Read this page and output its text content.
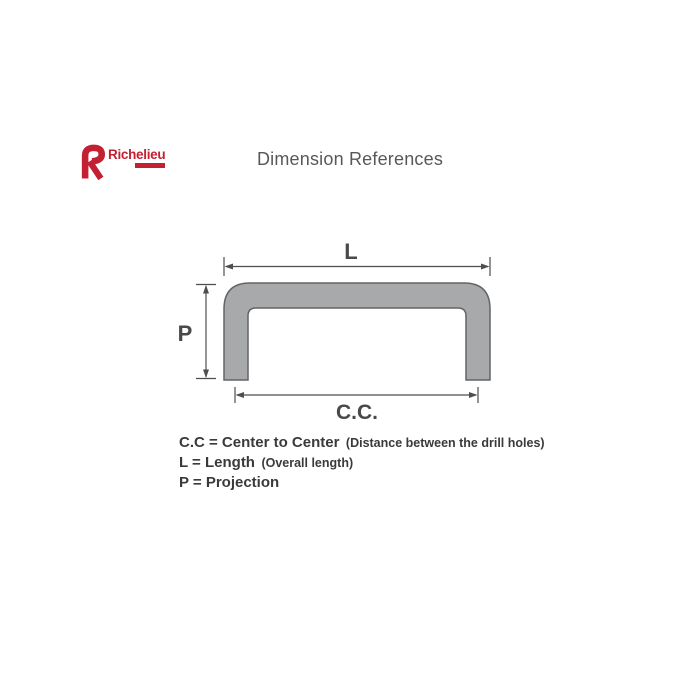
Richelieu	Dimension References
L
P
C.C.
C.C = Center to Center (Distance between the drill holes)
L = Length (Overall length)
P = Projection
